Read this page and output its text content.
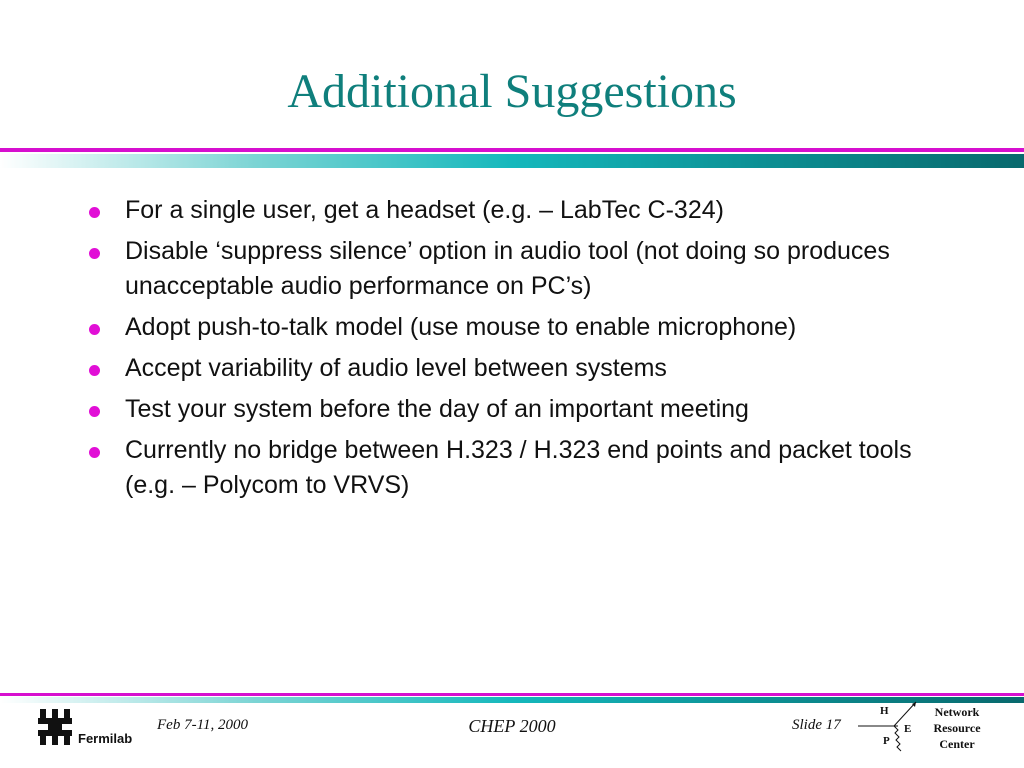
Additional Suggestions
For a single user, get a headset (e.g. – LabTec C-324)
Disable ‘suppress silence’ option in audio tool (not doing so produces unacceptable audio performance on PC’s)
Adopt push-to-talk model (use mouse to enable microphone)
Accept variability of audio level between systems
Test your system before the day of an important meeting
Currently no bridge between H.323 / H.323 end points and packet tools (e.g. – Polycom to VRVS)
Fermilab
Feb 7-11, 2000	CHEP 2000	Slide 17
H
E
P
Network
Resource
Center
